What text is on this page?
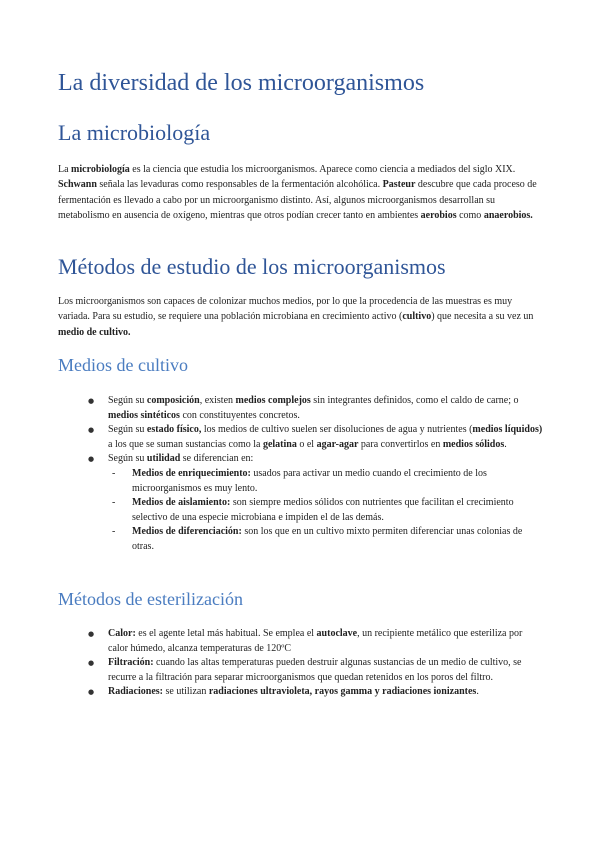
La diversidad de los microorganismos
La microbiología

La microbiología es la ciencia que estudia los microorganismos. Aparece como ciencia a mediados del siglo XIX. Schwann señala las levaduras como responsables de la fermentación alcohólica. Pasteur descubre que cada proceso de fermentación es llevado a cabo por un microorganismo distinto. Así, algunos microorganismos desarrollan su metabolismo en ausencia de oxígeno, mientras que otros podían crecer tanto en ambientes aerobios como anaerobios.

Métodos de estudio de los microorganismos

Los microorganismos son capaces de colonizar muchos medios, por lo que la procedencia de las muestras es muy variada. Para su estudio, se requiere una población microbiana en crecimiento activo (cultivo) que necesita a su vez un medio de cultivo.

Medios de cultivo
● Según su composición, existen medios complejos sin integrantes definidos, como el caldo de carne; o medios sintéticos con constituyentes concretos.
● Según su estado físico, los medios de cultivo suelen ser disoluciones de agua y nutrientes (medios líquidos) a los que se suman sustancias como la gelatina o el agar-agar para convertirlos en medios sólidos.
● Según su utilidad se diferencian en:
- Medios de enriquecimiento: usados para activar un medio cuando el crecimiento de los microorganismos es muy lento.
- Medios de aislamiento: son siempre medios sólidos con nutrientes que facilitan el crecimiento selectivo de una especie microbiana e impiden el de las demás.
- Medios de diferenciación: son los que en un cultivo mixto permiten diferenciar unas colonias de otras.
Métodos de esterilización
● Calor: es el agente letal más habitual. Se emplea el autoclave, un recipiente metálico que esteriliza por calor húmedo, alcanza temperaturas de 120ºC
● Filtración: cuando las altas temperaturas pueden destruir algunas sustancias de un medio de cultivo, se recurre a la filtración para separar microorganismos que quedan retenidos en los poros del filtro.
● Radiaciones: se utilizan radiaciones ultravioleta, rayos gamma y radiaciones ionizantes.
